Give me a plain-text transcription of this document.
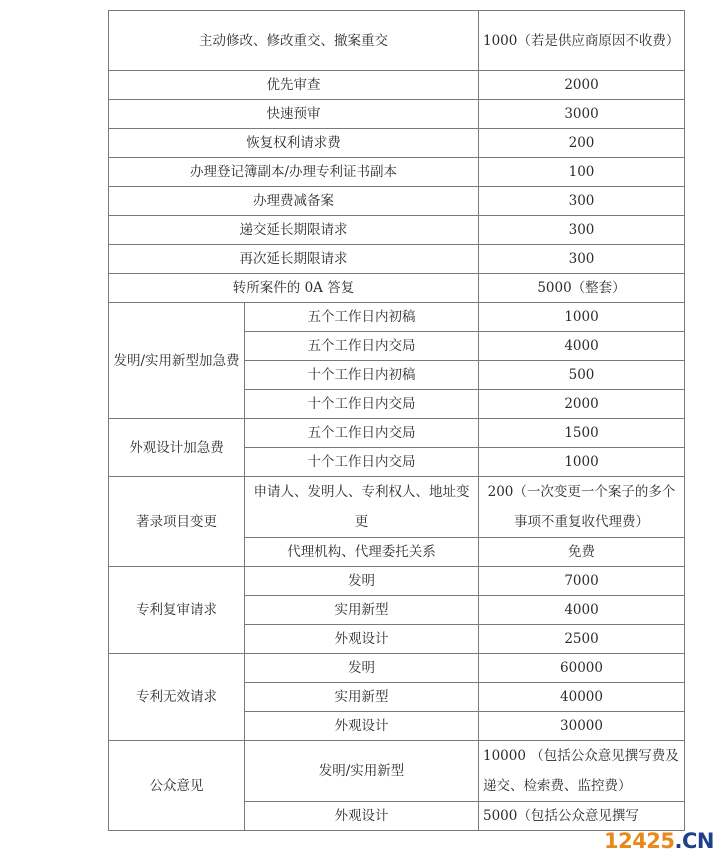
主动修改、修改重交、撤案重交		1000（若是供应商原因不收费）
优先审查		2000
快速预审		3000
恢复权利请求费		200
办理登记簿副本/办理专利证书副本		100
办理费减备案		300
递交延长期限请求		300
再次延长期限请求		300
转所案件的 0A 答复		5000（整套）
发明/实用新型加急费	五个工作日内初稿	1000
	五个工作日内交局	4000
	十个工作日内初稿	500
	十个工作日内交局	2000
外观设计加急费	五个工作日内交局	1500
	十个工作日内交局	1000
著录项目变更	申请人、发明人、专利权人、地址变更	200（一次变更一个案子的多个事项不重复收代理费）
	代理机构、代理委托关系	免费
专利复审请求	发明	7000
	实用新型	4000
	外观设计	2500
专利无效请求	发明	60000
	实用新型	40000
	外观设计	30000
公众意见	发明/实用新型	10000 （包括公众意见撰写费及递交、检索费、监控费）
	外观设计	5000（包括公众意见撰写
12425.CN
